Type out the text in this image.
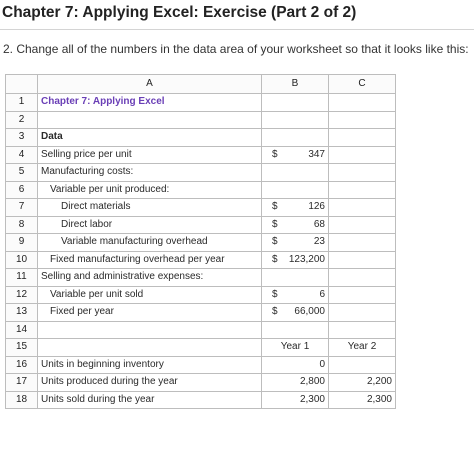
Chapter 7: Applying Excel: Exercise (Part 2 of 2)
2. Change all of the numbers in the data area of your worksheet so that it looks like this:
	A	B	C
1	Chapter 7: Applying Excel		
2			
3	Data		
4	Selling price per unit	$ 347	
5	Manufacturing costs:		
6	Variable per unit produced:		
7	Direct materials	$ 126	
8	Direct labor	$ 68	
9	Variable manufacturing overhead	$ 23	
10	Fixed manufacturing overhead per year	$ 123,200	
11	Selling and administrative expenses:		
12	Variable per unit sold	$ 6	
13	Fixed per year	$ 66,000	
14			
15		Year 1	Year 2
16	Units in beginning inventory	0	
17	Units produced during the year	2,800	2,200
18	Units sold during the year	2,300	2,300
